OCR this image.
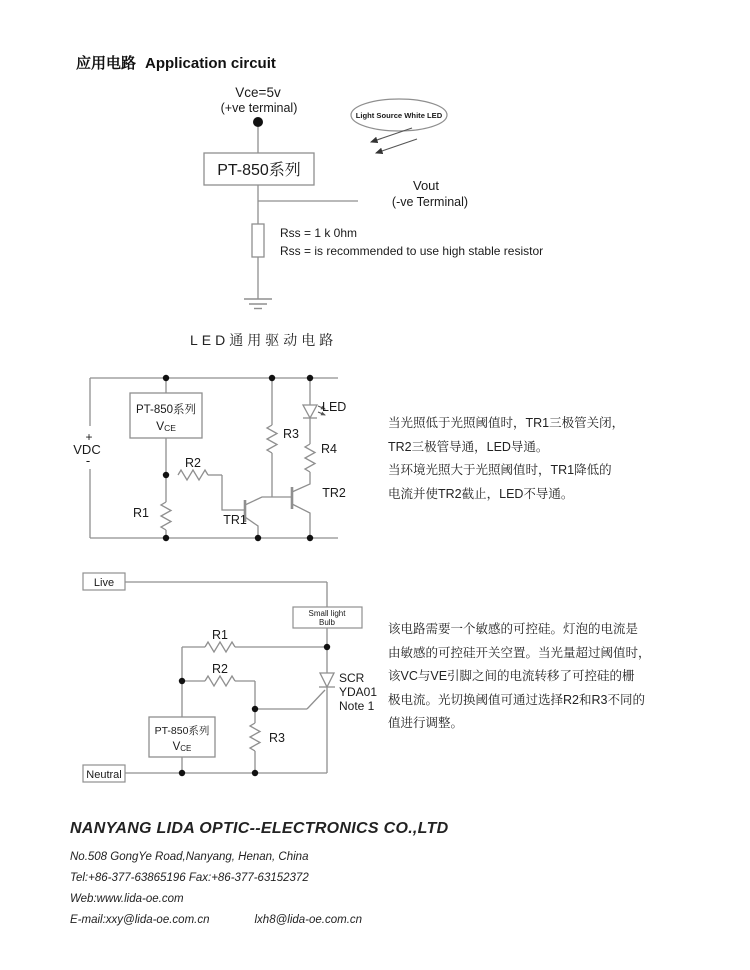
应用电路 Application circuit
PT-850系列
Light Source White LED
Vce=5v
(+ve terminal)
Vout
(-ve Terminal)
Rss = 1 k 0hm
Rss = is recommended to use high stable resistor
LED通用驱动电路
PT-850系列
VCE
+
VDC
-	R2
R1
R3
R4
LED
TR1
TR2
当光照低于光照阈值时，TR1三极管关闭，
TR2三极管导通，LED导通。
当环境光照大于光照阈值时，TR1降低的
电流并使TR2截止，LED不导通。
Live
Small light
Bulb
PT-850系列
VCE
Neutral
R1
R2
R3
SCR
YDA01
Note 1
该电路需要一个敏感的可控硅。灯泡的电流是
由敏感的可控硅开关空置。当光量超过阈值时，
该VC与VE引脚之间的电流转移了可控硅的栅
极电流。光切换阈值可通过选择R2和R3不同的
值进行调整。
NANYANG LIDA OPTIC--ELECTRONICS CO.,LTD
No.508 GongYe Road,Nanyang, Henan, China
Tel:+86-377-63865196 Fax:+86-377-63152372
Web:www.lida-oe.com
E-mail:xxy@lida-oe.com.cn	lxh8@lida-oe.com.cn
